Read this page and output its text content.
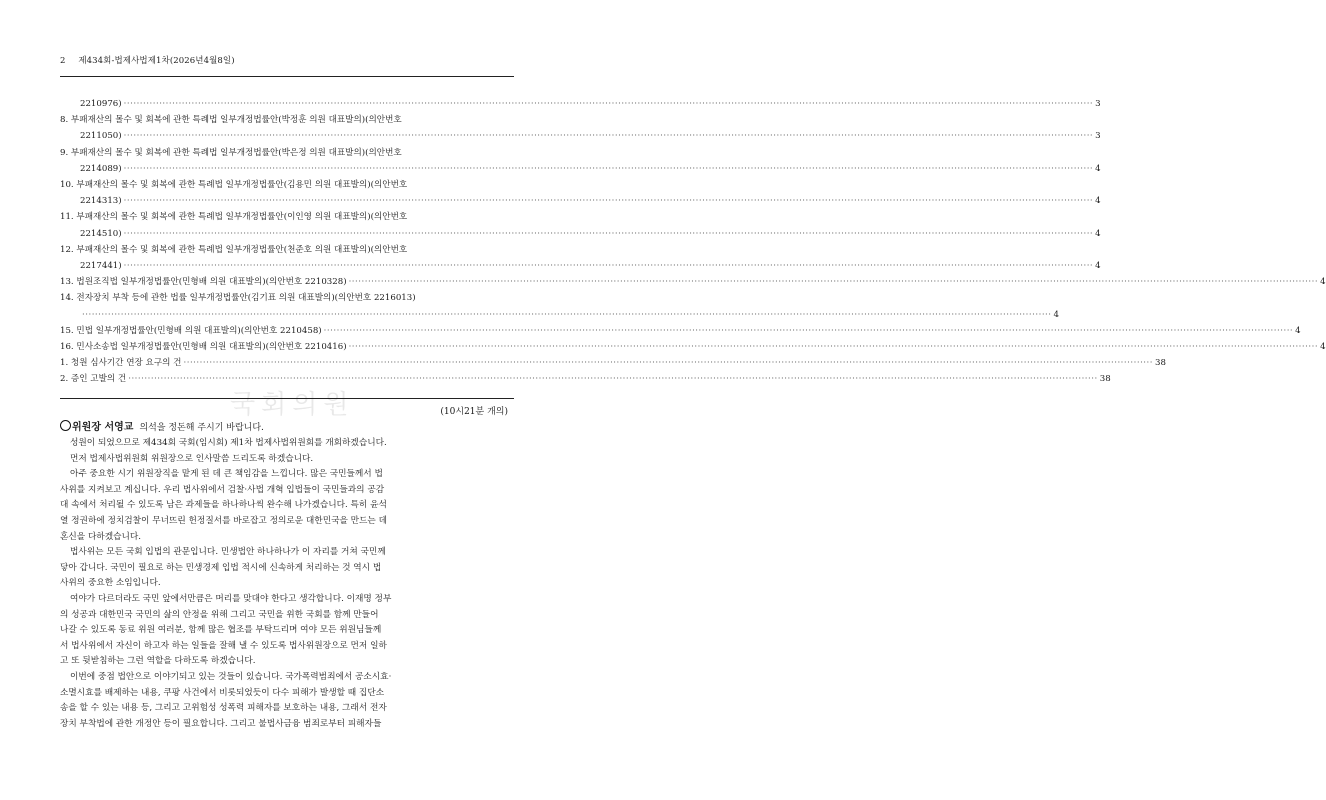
2 제434회-법제사법제1차(2026년4월8일)
2210976) ············································································································································································································································································································ 3
8. 부패재산의 몰수 및 회복에 관한 특례법 일부개정법률안(박정훈 의원 대표발의)(의안번호
2211050) ············································································································································································································································································································ 3
9. 부패재산의 몰수 및 회복에 관한 특례법 일부개정법률안(박은정 의원 대표발의)(의안번호
2214089) ············································································································································································································································································································ 4
10. 부패재산의 몰수 및 회복에 관한 특례법 일부개정법률안(김용민 의원 대표발의)(의안번호
2214313) ············································································································································································································································································································ 4
11. 부패재산의 몰수 및 회복에 관한 특례법 일부개정법률안(이인영 의원 대표발의)(의안번호
2214510) ············································································································································································································································································································ 4
12. 부패재산의 몰수 및 회복에 관한 특례법 일부개정법률안(천준호 의원 대표발의)(의안번호
2217441) ············································································································································································································································································································ 4
13. 법원조직법 일부개정법률안(민형배 의원 대표발의)(의안번호 2210328) ············································································································································································································································································································ 4
14. 전자장치 부착 등에 관한 법률 일부개정법률안(김기표 의원 대표발의)(의안번호 2216013)
············································································································································································································································································································ 4
15. 민법 일부개정법률안(민형배 의원 대표발의)(의안번호 2210458) ············································································································································································································································································································ 4
16. 민사소송법 일부개정법률안(민형배 의원 대표발의)(의안번호 2210416) ············································································································································································································································································································ 4
1. 청원 심사기간 연장 요구의 건 ············································································································································································································································································································ 38
2. 증인 고발의 건 ············································································································································································································································································································ 38
국회의원	(10시21분 개의)
위원장 서영교 의석을 정돈해 주시기 바랍니다.

성원이 되었으므로 제434회 국회(임시회) 제1차 법제사법위원회를 개회하겠습니다.

먼저 법제사법위원회 위원장으로 인사말씀 드리도록 하겠습니다.

아주 중요한 시기 위원장직을 맡게 된 데 큰 책임감을 느낍니다. 많은 국민들께서 법
사위를 지켜보고 계십니다. 우리 법사위에서 검찰·사법 개혁 입법들이 국민들과의 공감
대 속에서 처리될 수 있도록 남은 과제들을 하나하나씩 완수해 나가겠습니다. 특히 윤석
열 정권하에 정치검찰이 무너뜨린 헌정질서를 바로잡고 정의로운 대한민국을 만드는 데
혼신을 다하겠습니다.

법사위는 모든 국회 입법의 관문입니다. 민생법안 하나하나가 이 자리를 거쳐 국민께
닿아 갑니다. 국민이 필요로 하는 민생경제 입법 적시에 신속하게 처리하는 것 역시 법
사위의 중요한 소임입니다.

여야가 다르더라도 국민 앞에서만큼은 머리를 맞대야 한다고 생각합니다. 이재명 정부
의 성공과 대한민국 국민의 삶의 안정을 위해 그리고 국민을 위한 국회를 함께 만들어
나갈 수 있도록 동료 위원 여러분, 함께 많은 협조를 부탁드리며 여야 모든 위원님들께
서 법사위에서 자신이 하고자 하는 일들을 잘해 낼 수 있도록 법사위원장으로 먼저 일하
고 또 뒷받침하는 그런 역할을 다하도록 하겠습니다.

이번에 중점 법안으로 이야기되고 있는 것들이 있습니다. 국가폭력범죄에서 공소시효·
소멸시효를 배제하는 내용, 쿠팡 사건에서 비롯되었듯이 다수 피해가 발생할 때 집단소
송을 할 수 있는 내용 등, 그리고 고위험성 성폭력 피해자를 보호하는 내용, 그래서 전자
장치 부착법에 관한 개정안 등이 필요합니다. 그리고 불법사금융 범죄로부터 피해자들
